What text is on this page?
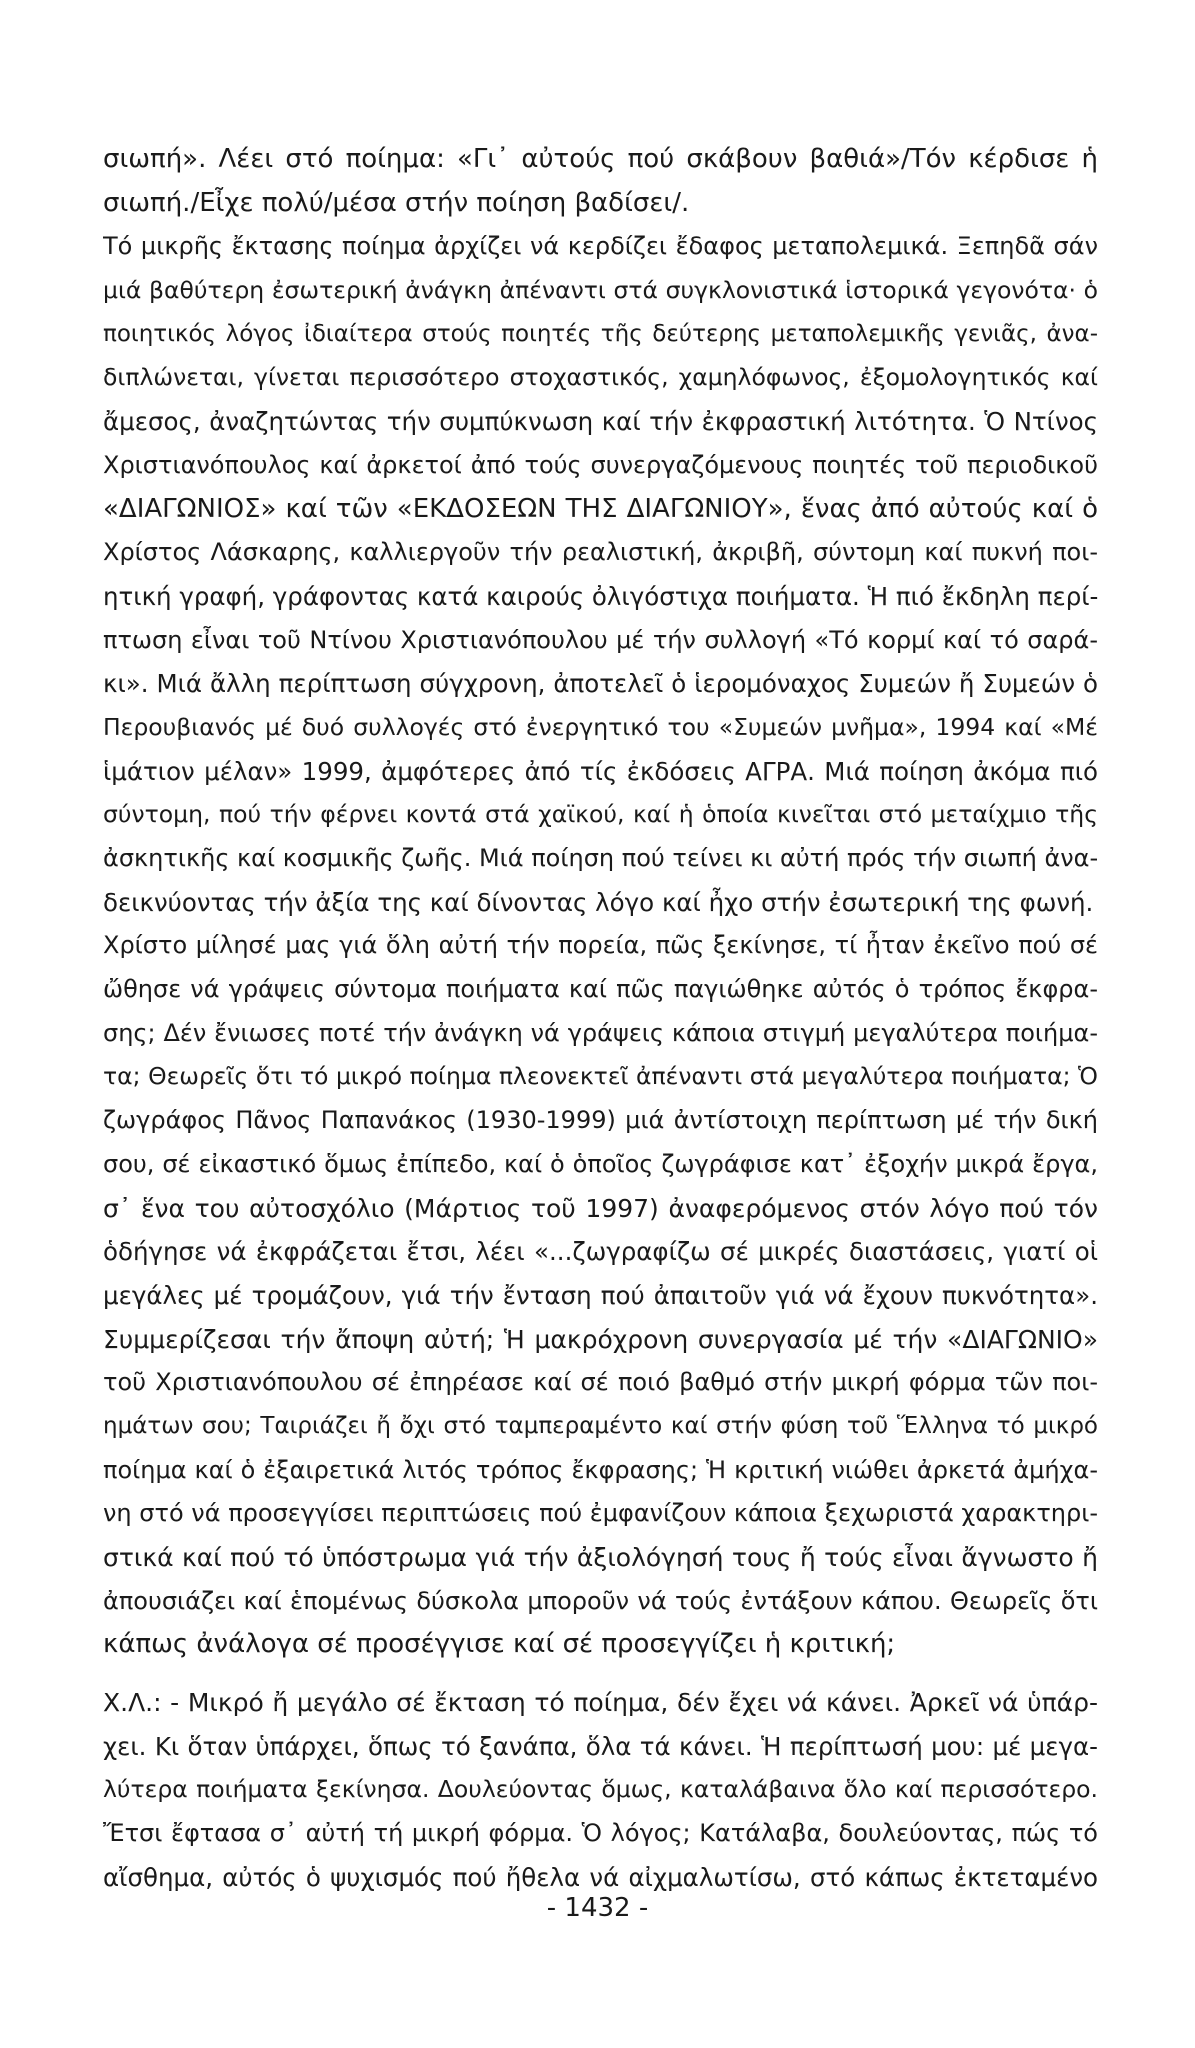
σιωπή». Λέει στό ποίημα: «Γι᾿ αὐτούς πού σκάβουν βαθιά»/Τόν κέρδισε ἡ
σιωπή./Εἶχε πολύ/μέσα στήν ποίηση βαδίσει/.
Τό μικρῆς ἔκτασης ποίημα ἀρχίζει νά κερδίζει ἔδαφος μεταπολεμικά. Ξεπηδᾶ σάν
μιά βαθύτερη ἐσωτερική ἀνάγκη ἀπέναντι στά συγκλονιστικά ἱστορικά γεγονότα· ὁ
ποιητικός λόγος ἰδιαίτερα στούς ποιητές τῆς δεύτερης μεταπολεμικῆς γενιᾶς, ἀνα-
διπλώνεται, γίνεται περισσότερο στοχαστικός, χαμηλόφωνος, ἐξομολογητικός καί
ἄμεσος, ἀναζητώντας τήν συμπύκνωση καί τήν ἐκφραστική λιτότητα. Ὁ Ντίνος
Χριστιανόπουλος καί ἀρκετοί ἀπό τούς συνεργαζόμενους ποιητές τοῦ περιοδικοῦ
«ΔΙΑΓΩΝΙΟΣ» καί τῶν «ΕΚΔΟΣΕΩΝ ΤΗΣ ΔΙΑΓΩΝΙΟΥ», ἕνας ἀπό αὐτούς καί ὁ
Χρίστος Λάσκαρης, καλλιεργοῦν τήν ρεαλιστική, ἀκριβῆ, σύντομη καί πυκνή ποι-
ητική γραφή, γράφοντας κατά καιρούς ὀλιγόστιχα ποιήματα. Ἡ πιό ἔκδηλη περί-
πτωση εἶναι τοῦ Ντίνου Χριστιανόπουλου μέ τήν συλλογή «Τό κορμί καί τό σαρά-
κι». Μιά ἄλλη περίπτωση σύγχρονη, ἀποτελεῖ ὁ ἱερομόναχος Συμεών ἤ Συμεών ὁ
Περουβιανός μέ δυό συλλογές στό ἐνεργητικό του «Συμεών μνῆμα», 1994 καί «Μέ
ἱμάτιον μέλαν» 1999, ἀμφότερες ἀπό τίς ἐκδόσεις ΑΓΡΑ. Μιά ποίηση ἀκόμα πιό
σύντομη, πού τήν φέρνει κοντά στά χαϊκού, καί ἡ ὁποία κινεῖται στό μεταίχμιο τῆς
ἀσκητικῆς καί κοσμικῆς ζωῆς. Μιά ποίηση πού τείνει κι αὐτή πρός τήν σιωπή ἀνα-
δεικνύοντας τήν ἀξία της καί δίνοντας λόγο καί ἦχο στήν ἐσωτερική της φωνή.
Χρίστο μίλησέ μας γιά ὅλη αὐτή τήν πορεία, πῶς ξεκίνησε, τί ἦταν ἐκεῖνο πού σέ
ὤθησε νά γράψεις σύντομα ποιήματα καί πῶς παγιώθηκε αὐτός ὁ τρόπος ἔκφρα-
σης; Δέν ἔνιωσες ποτέ τήν ἀνάγκη νά γράψεις κάποια στιγμή μεγαλύτερα ποιήμα-
τα; Θεωρεῖς ὅτι τό μικρό ποίημα πλεονεκτεῖ ἀπέναντι στά μεγαλύτερα ποιήματα; Ὁ
ζωγράφος Πᾶνος Παπανάκος (1930-1999) μιά ἀντίστοιχη περίπτωση μέ τήν δική
σου, σέ εἰκαστικό ὅμως ἐπίπεδο, καί ὁ ὁποῖος ζωγράφισε κατ᾿ ἐξοχήν μικρά ἔργα,
σ᾿ ἕνα του αὐτοσχόλιο (Μάρτιος τοῦ 1997) ἀναφερόμενος στόν λόγο πού τόν
ὁδήγησε νά ἐκφράζεται ἔτσι, λέει «...ζωγραφίζω σέ μικρές διαστάσεις, γιατί οἱ
μεγάλες μέ τρομάζουν, γιά τήν ἔνταση πού ἀπαιτοῦν γιά νά ἔχουν πυκνότητα».
Συμμερίζεσαι τήν ἄποψη αὐτή; Ἡ μακρόχρονη συνεργασία μέ τήν «ΔΙΑΓΩΝΙΟ»
τοῦ Χριστιανόπουλου σέ ἐπηρέασε καί σέ ποιό βαθμό στήν μικρή φόρμα τῶν ποι-
ημάτων σου; Ταιριάζει ἤ ὄχι στό ταμπεραμέντο καί στήν φύση τοῦ Ἕλληνα τό μικρό
ποίημα καί ὁ ἐξαιρετικά λιτός τρόπος ἔκφρασης; Ἡ κριτική νιώθει ἀρκετά ἀμήχα-
νη στό νά προσεγγίσει περιπτώσεις πού ἐμφανίζουν κάποια ξεχωριστά χαρακτηρι-
στικά καί πού τό ὑπόστρωμα γιά τήν ἀξιολόγησή τους ἤ τούς εἶναι ἄγνωστο ἤ
ἀπουσιάζει καί ἑπομένως δύσκολα μποροῦν νά τούς ἐντάξουν κάπου. Θεωρεῖς ὅτι
κάπως ἀνάλογα σέ προσέγγισε καί σέ προσεγγίζει ἡ κριτική;
Χ.Λ.: - Μικρό ἤ μεγάλο σέ ἔκταση τό ποίημα, δέν ἔχει νά κάνει. Ἀρκεῖ νά ὑπάρ-
χει. Κι ὅταν ὑπάρχει, ὅπως τό ξανάπα, ὅλα τά κάνει. Ἡ περίπτωσή μου: μέ μεγα-
λύτερα ποιήματα ξεκίνησα. Δουλεύοντας ὅμως, καταλάβαινα ὅλο καί περισσότερο.
Ἔτσι ἔφτασα σ᾿ αὐτή τή μικρή φόρμα. Ὁ λόγος; Κατάλαβα, δουλεύοντας, πώς τό
αἴσθημα, αὐτός ὁ ψυχισμός πού ἤθελα νά αἰχμαλωτίσω, στό κάπως ἐκτεταμένο
- 1432 -
